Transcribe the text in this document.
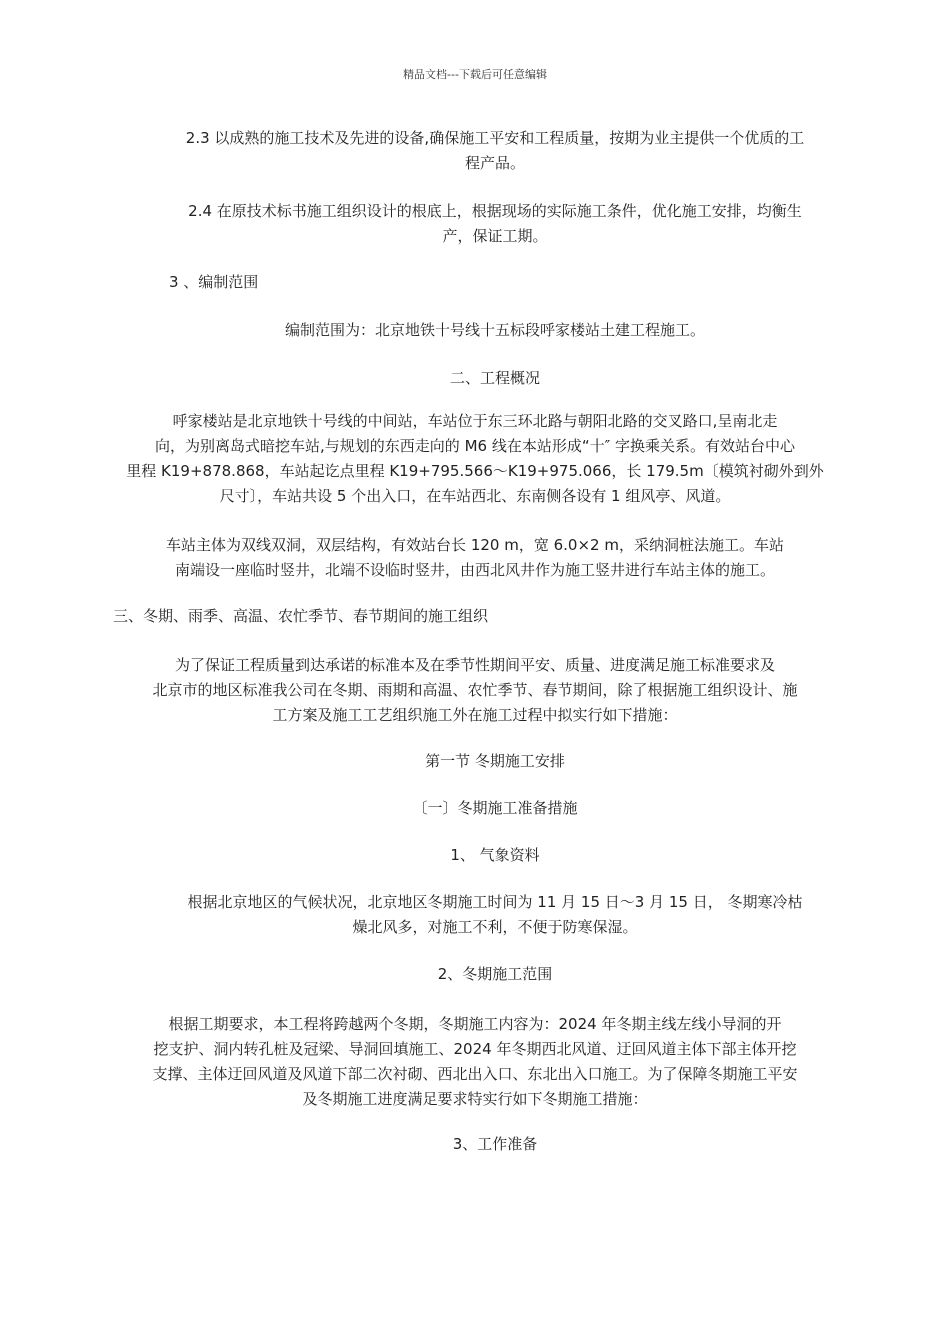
精品文档---下载后可任意编辑
2.3 以成熟的施工技术及先进的设备,确保施工平安和工程质量，按期为业主提供一个优质的工
程产品。
2.4 在原技术标书施工组织设计的根底上，根据现场的实际施工条件，优化施工安排，均衡生
产，保证工期。
3 、编制范围
编制范围为：北京地铁十号线十五标段呼家楼站土建工程施工。
二、工程概况
呼家楼站是北京地铁十号线的中间站，车站位于东三环北路与朝阳北路的交叉路口,呈南北走
向，为别离岛式暗挖车站,与规划的东西走向的 M6 线在本站形成“十″ 字换乘关系。有效站台中心
里程 K19+878.868，车站起讫点里程 K19+795.566～K19+975.066，长 179.5m〔模筑衬砌外到外
尺寸〕，车站共设 5 个出入口，在车站西北、东南侧各设有 1 组风亭、风道。
车站主体为双线双洞，双层结构，有效站台长 120 m，宽 6.0×2 m，采纳洞桩法施工。车站
南端设一座临时竖井，北端不设临时竖井，由西北风井作为施工竖井进行车站主体的施工。
三、冬期、雨季、高温、农忙季节、春节期间的施工组织
为了保证工程质量到达承诺的标准本及在季节性期间平安、质量、进度满足施工标准要求及
北京市的地区标准我公司在冬期、雨期和高温、农忙季节、春节期间，除了根据施工组织设计、施
工方案及施工工艺组织施工外在施工过程中拟实行如下措施：
第一节 冬期施工安排
〔一〕冬期施工准备措施
1、 气象资料
根据北京地区的气候状况，北京地区冬期施工时间为 11 月 15 日～3 月 15 日， 冬期寒冷枯
燥北风多，对施工不利，不便于防寒保湿。
2、冬期施工范围
根据工期要求，本工程将跨越两个冬期，冬期施工内容为：2024 年冬期主线左线小导洞的开
挖支护、洞内转孔桩及冠梁、导洞回填施工、2024 年冬期西北风道、迂回风道主体下部主体开挖
支撑、主体迂回风道及风道下部二次衬砌、西北出入口、东北出入口施工。为了保障冬期施工平安
及冬期施工进度满足要求特实行如下冬期施工措施：
3、工作准备
